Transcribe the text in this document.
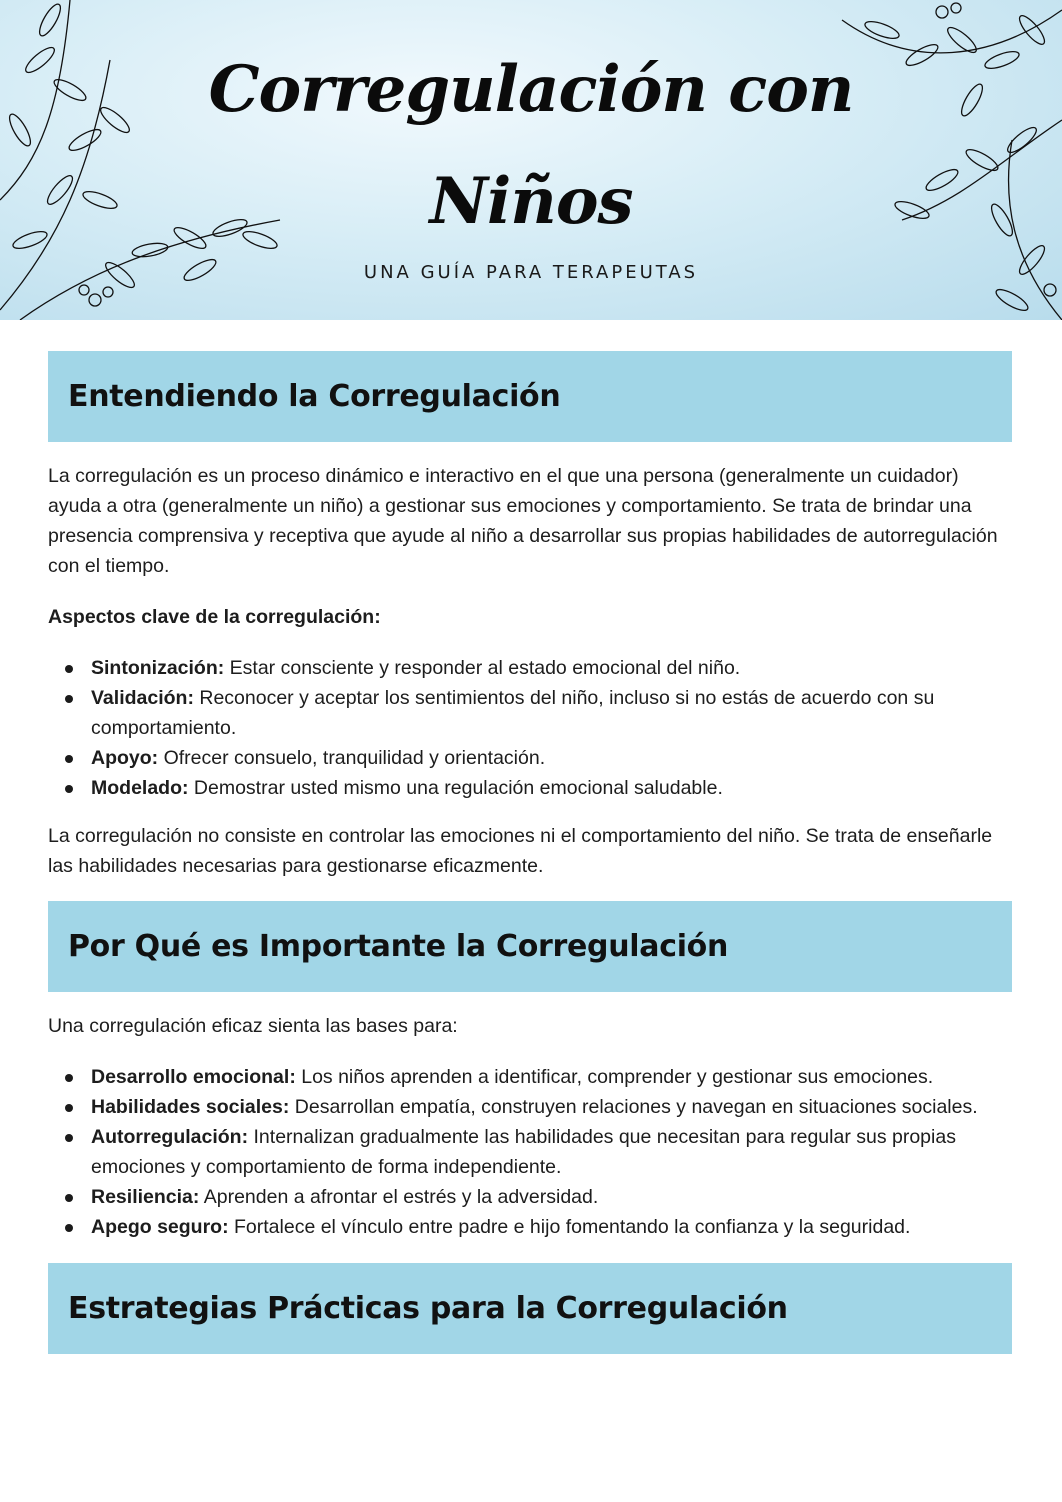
Corregulación con
Niños
UNA GUÍA PARA TERAPEUTAS
Entendiendo la Corregulación

La corregulación es un proceso dinámico e interactivo en el que una persona (generalmente un cuidador) ayuda a otra (generalmente un niño) a gestionar sus emociones y comportamiento. Se trata de brindar una presencia comprensiva y receptiva que ayude al niño a desarrollar sus propias habilidades de autorregulación con el tiempo.

Aspectos clave de la corregulación:

Sintonización: Estar consciente y responder al estado emocional del niño.
Validación: Reconocer y aceptar los sentimientos del niño, incluso si no estás de acuerdo con su comportamiento.
Apoyo: Ofrecer consuelo, tranquilidad y orientación.
Modelado: Demostrar usted mismo una regulación emocional saludable.

La corregulación no consiste en controlar las emociones ni el comportamiento del niño. Se trata de enseñarle las habilidades necesarias para gestionarse eficazmente.

Por Qué es Importante la Corregulación

Una corregulación eficaz sienta las bases para:

Desarrollo emocional: Los niños aprenden a identificar, comprender y gestionar sus emociones.
Habilidades sociales: Desarrollan empatía, construyen relaciones y navegan en situaciones sociales.
Autorregulación: Internalizan gradualmente las habilidades que necesitan para regular sus propias emociones y comportamiento de forma independiente.
Resiliencia: Aprenden a afrontar el estrés y la adversidad.
Apego seguro: Fortalece el vínculo entre padre e hijo fomentando la confianza y la seguridad.
Estrategias Prácticas para la Corregulación
